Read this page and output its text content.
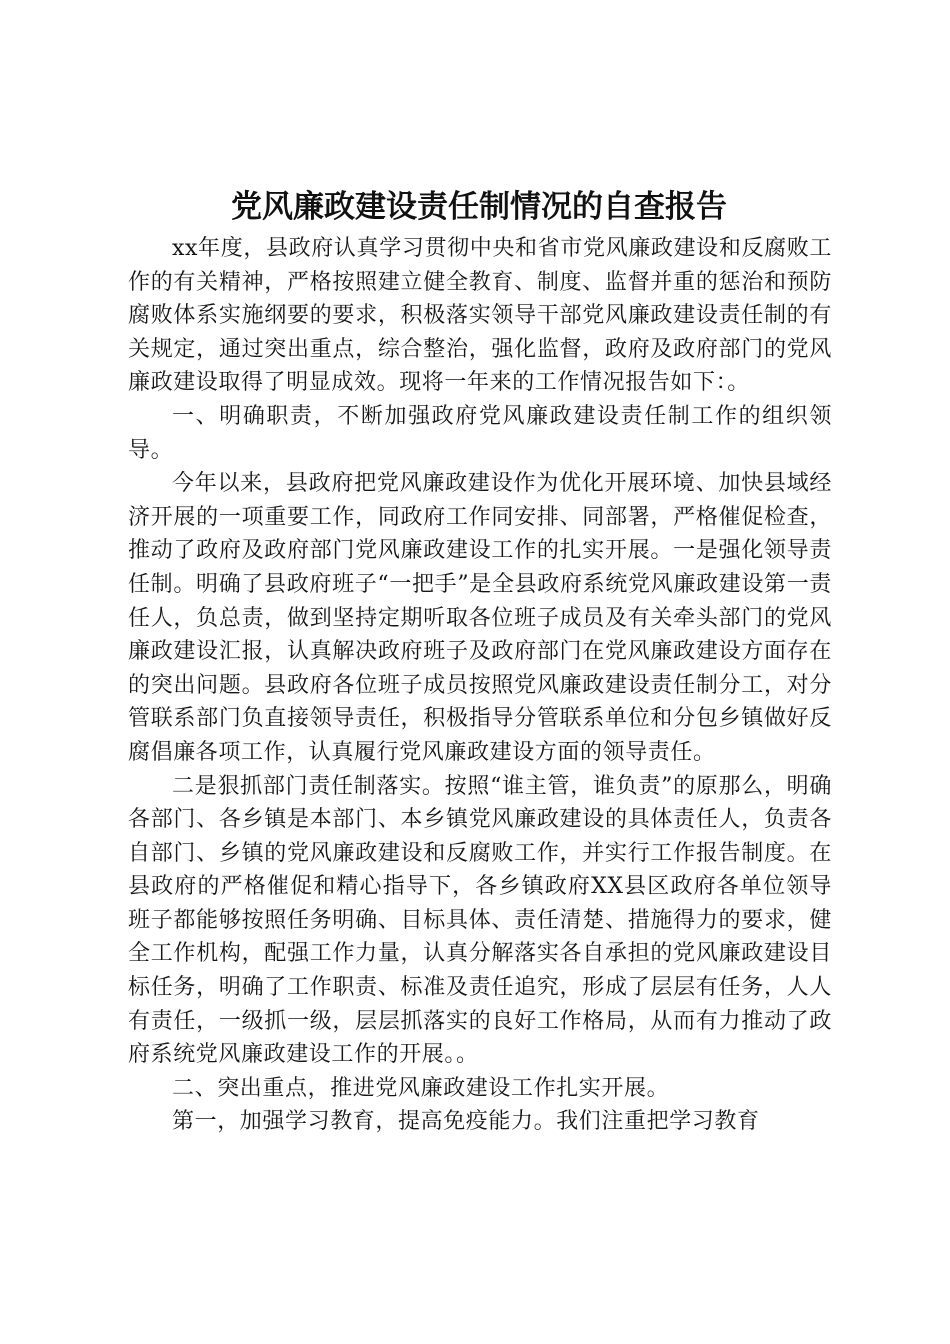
党风廉政建设责任制情况的自查报告

xx年度，县政府认真学习贯彻中央和省市党风廉政建设和反腐败工作的有关精神，严格按照建立健全教育、制度、监督并重的惩治和预防腐败体系实施纲要的要求，积极落实领导干部党风廉政建设责任制的有关规定，通过突出重点，综合整治，强化监督，政府及政府部门的党风廉政建设取得了明显成效。现将一年来的工作情况报告如下：。

一、明确职责，不断加强政府党风廉政建设责任制工作的组织领导。

今年以来，县政府把党风廉政建设作为优化开展环境、加快县域经济开展的一项重要工作，同政府工作同安排、同部署，严格催促检查，推动了政府及政府部门党风廉政建设工作的扎实开展。一是强化领导责任制。明确了县政府班子“一把手”是全县政府系统党风廉政建设第一责任人，负总责，做到坚持定期听取各位班子成员及有关牵头部门的党风廉政建设汇报，认真解决政府班子及政府部门在党风廉政建设方面存在的突出问题。县政府各位班子成员按照党风廉政建设责任制分工，对分管联系部门负直接领导责任，积极指导分管联系单位和分包乡镇做好反腐倡廉各项工作，认真履行党风廉政建设方面的领导责任。

二是狠抓部门责任制落实。按照“谁主管，谁负责”的原那么，明确各部门、各乡镇是本部门、本乡镇党风廉政建设的具体责任人，负责各自部门、乡镇的党风廉政建设和反腐败工作，并实行工作报告制度。在县政府的严格催促和精心指导下，各乡镇政府XX县区政府各单位领导班子都能够按照任务明确、目标具体、责任清楚、措施得力的要求，健全工作机构，配强工作力量，认真分解落实各自承担的党风廉政建设目标任务，明确了工作职责、标准及责任追究，形成了层层有任务，人人有责任，一级抓一级，层层抓落实的良好工作格局，从而有力推动了政府系统党风廉政建设工作的开展。。

二、突出重点，推进党风廉政建设工作扎实开展。

第一，加强学习教育，提高免疫能力。我们注重把学习教育
